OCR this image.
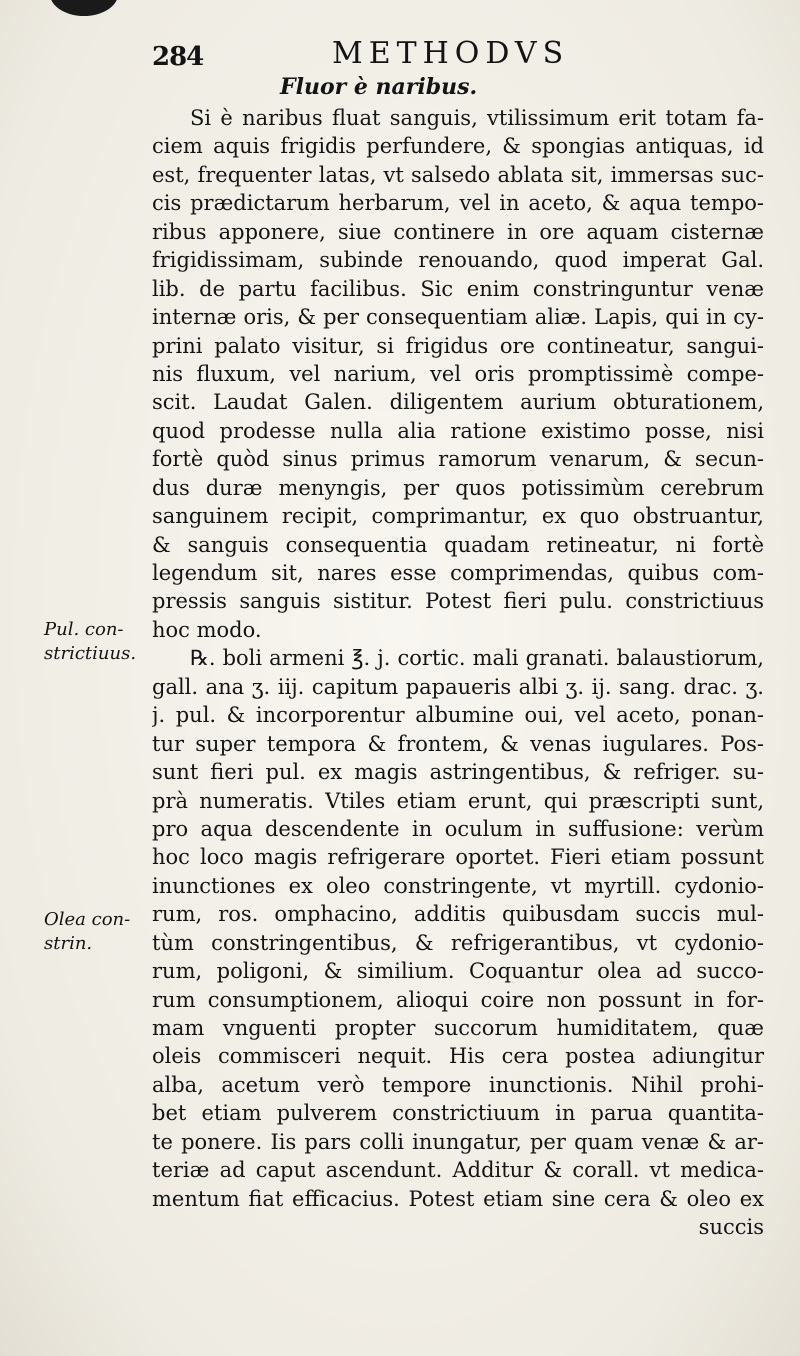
284	METHODVS
Fluor è naribus.
Si è naribus fluat sanguis, vtilissimum erit totam fa-
ciem aquis frigidis perfundere, & spongias antiquas, id
est, frequenter latas, vt salsedo ablata sit, immersas suc-
cis prædictarum herbarum, vel in aceto, & aqua tempo-
ribus apponere, siue continere in ore aquam cisternæ
frigidissimam, subinde renouando, quod imperat Gal.
lib. de partu facilibus. Sic enim constringuntur venæ
internæ oris, & per consequentiam aliæ. Lapis, qui in cy-
prini palato visitur, si frigidus ore contineatur, sangui-
nis fluxum, vel narium, vel oris promptissimè compe-
scit. Laudat Galen. diligentem aurium obturationem,
quod prodesse nulla alia ratione existimo posse, nisi
fortè quòd sinus primus ramorum venarum, & secun-
dus duræ menyngis, per quos potissimùm cerebrum
sanguinem recipit, comprimantur, ex quo obstruantur,
& sanguis consequentia quadam retineatur, ni fortè
legendum sit, nares esse comprimendas, quibus com-
pressis sanguis sistitur. Potest fieri pulu. constrictiuus
hoc modo.
℞. boli armeni ℥. j. cortic. mali granati. balaustiorum,
gall. ana ʒ. iij. capitum papaueris albi ʒ. ij. sang. drac. ʒ.
j. pul. & incorporentur albumine oui, vel aceto, ponan-
tur super tempora & frontem, & venas iugulares. Pos-
sunt fieri pul. ex magis astringentibus, & refriger. su-
prà numeratis. Vtiles etiam erunt, qui præscripti sunt,
pro aqua descendente in oculum in suffusione: verùm
hoc loco magis refrigerare oportet. Fieri etiam possunt
inunctiones ex oleo constringente, vt myrtill. cydonio-
rum, ros. omphacino, additis quibusdam succis mul-
tùm constringentibus, & refrigerantibus, vt cydonio-
rum, poligoni, & similium. Coquantur olea ad succo-
rum consumptionem, alioqui coire non possunt in for-
mam vnguenti propter succorum humiditatem, quæ
oleis commisceri nequit. His cera postea adiungitur
alba, acetum verò tempore inunctionis. Nihil prohi-
bet etiam pulverem constrictiuum in parua quantita-
te ponere. Iis pars colli inungatur, per quam venæ & ar-
teriæ ad caput ascendunt. Additur & corall. vt medica-
mentum fiat efficacius. Potest etiam sine cera & oleo ex
succis
Pul. con-
strictiuus.
Olea con-
strin.
